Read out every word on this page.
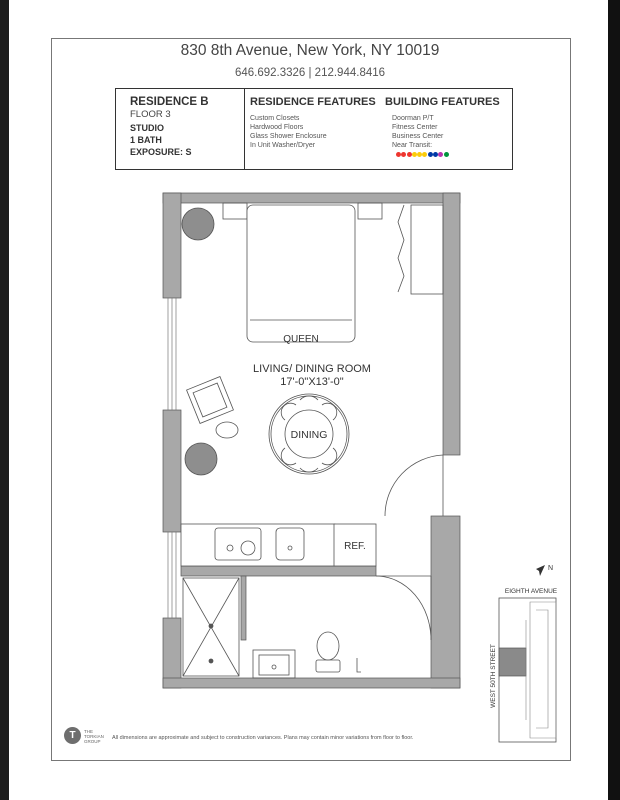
830 8th Avenue, New York, NY 10019
646.692.3326 | 212.944.8416
RESIDENCE B
FLOOR 3
STUDIO
1 BATH
EXPOSURE: S
RESIDENCE FEATURES
Custom Closets
Hardwood Floors
Glass Shower Enclosure
In Unit Washer/Dryer
BUILDING FEATURES
Doorman P/T
Fitness Center
Business Center
Near Transit:
QUEEN
LIVING/ DINING ROOM
17'-0"X13'-0"
DINING
REF.
N
EIGHTH AVENUE
WEST 50TH STREET
T	THE TORKIAN GROUP
All dimensions are approximate and subject to construction variances. Plans may contain minor variations from floor to floor.
